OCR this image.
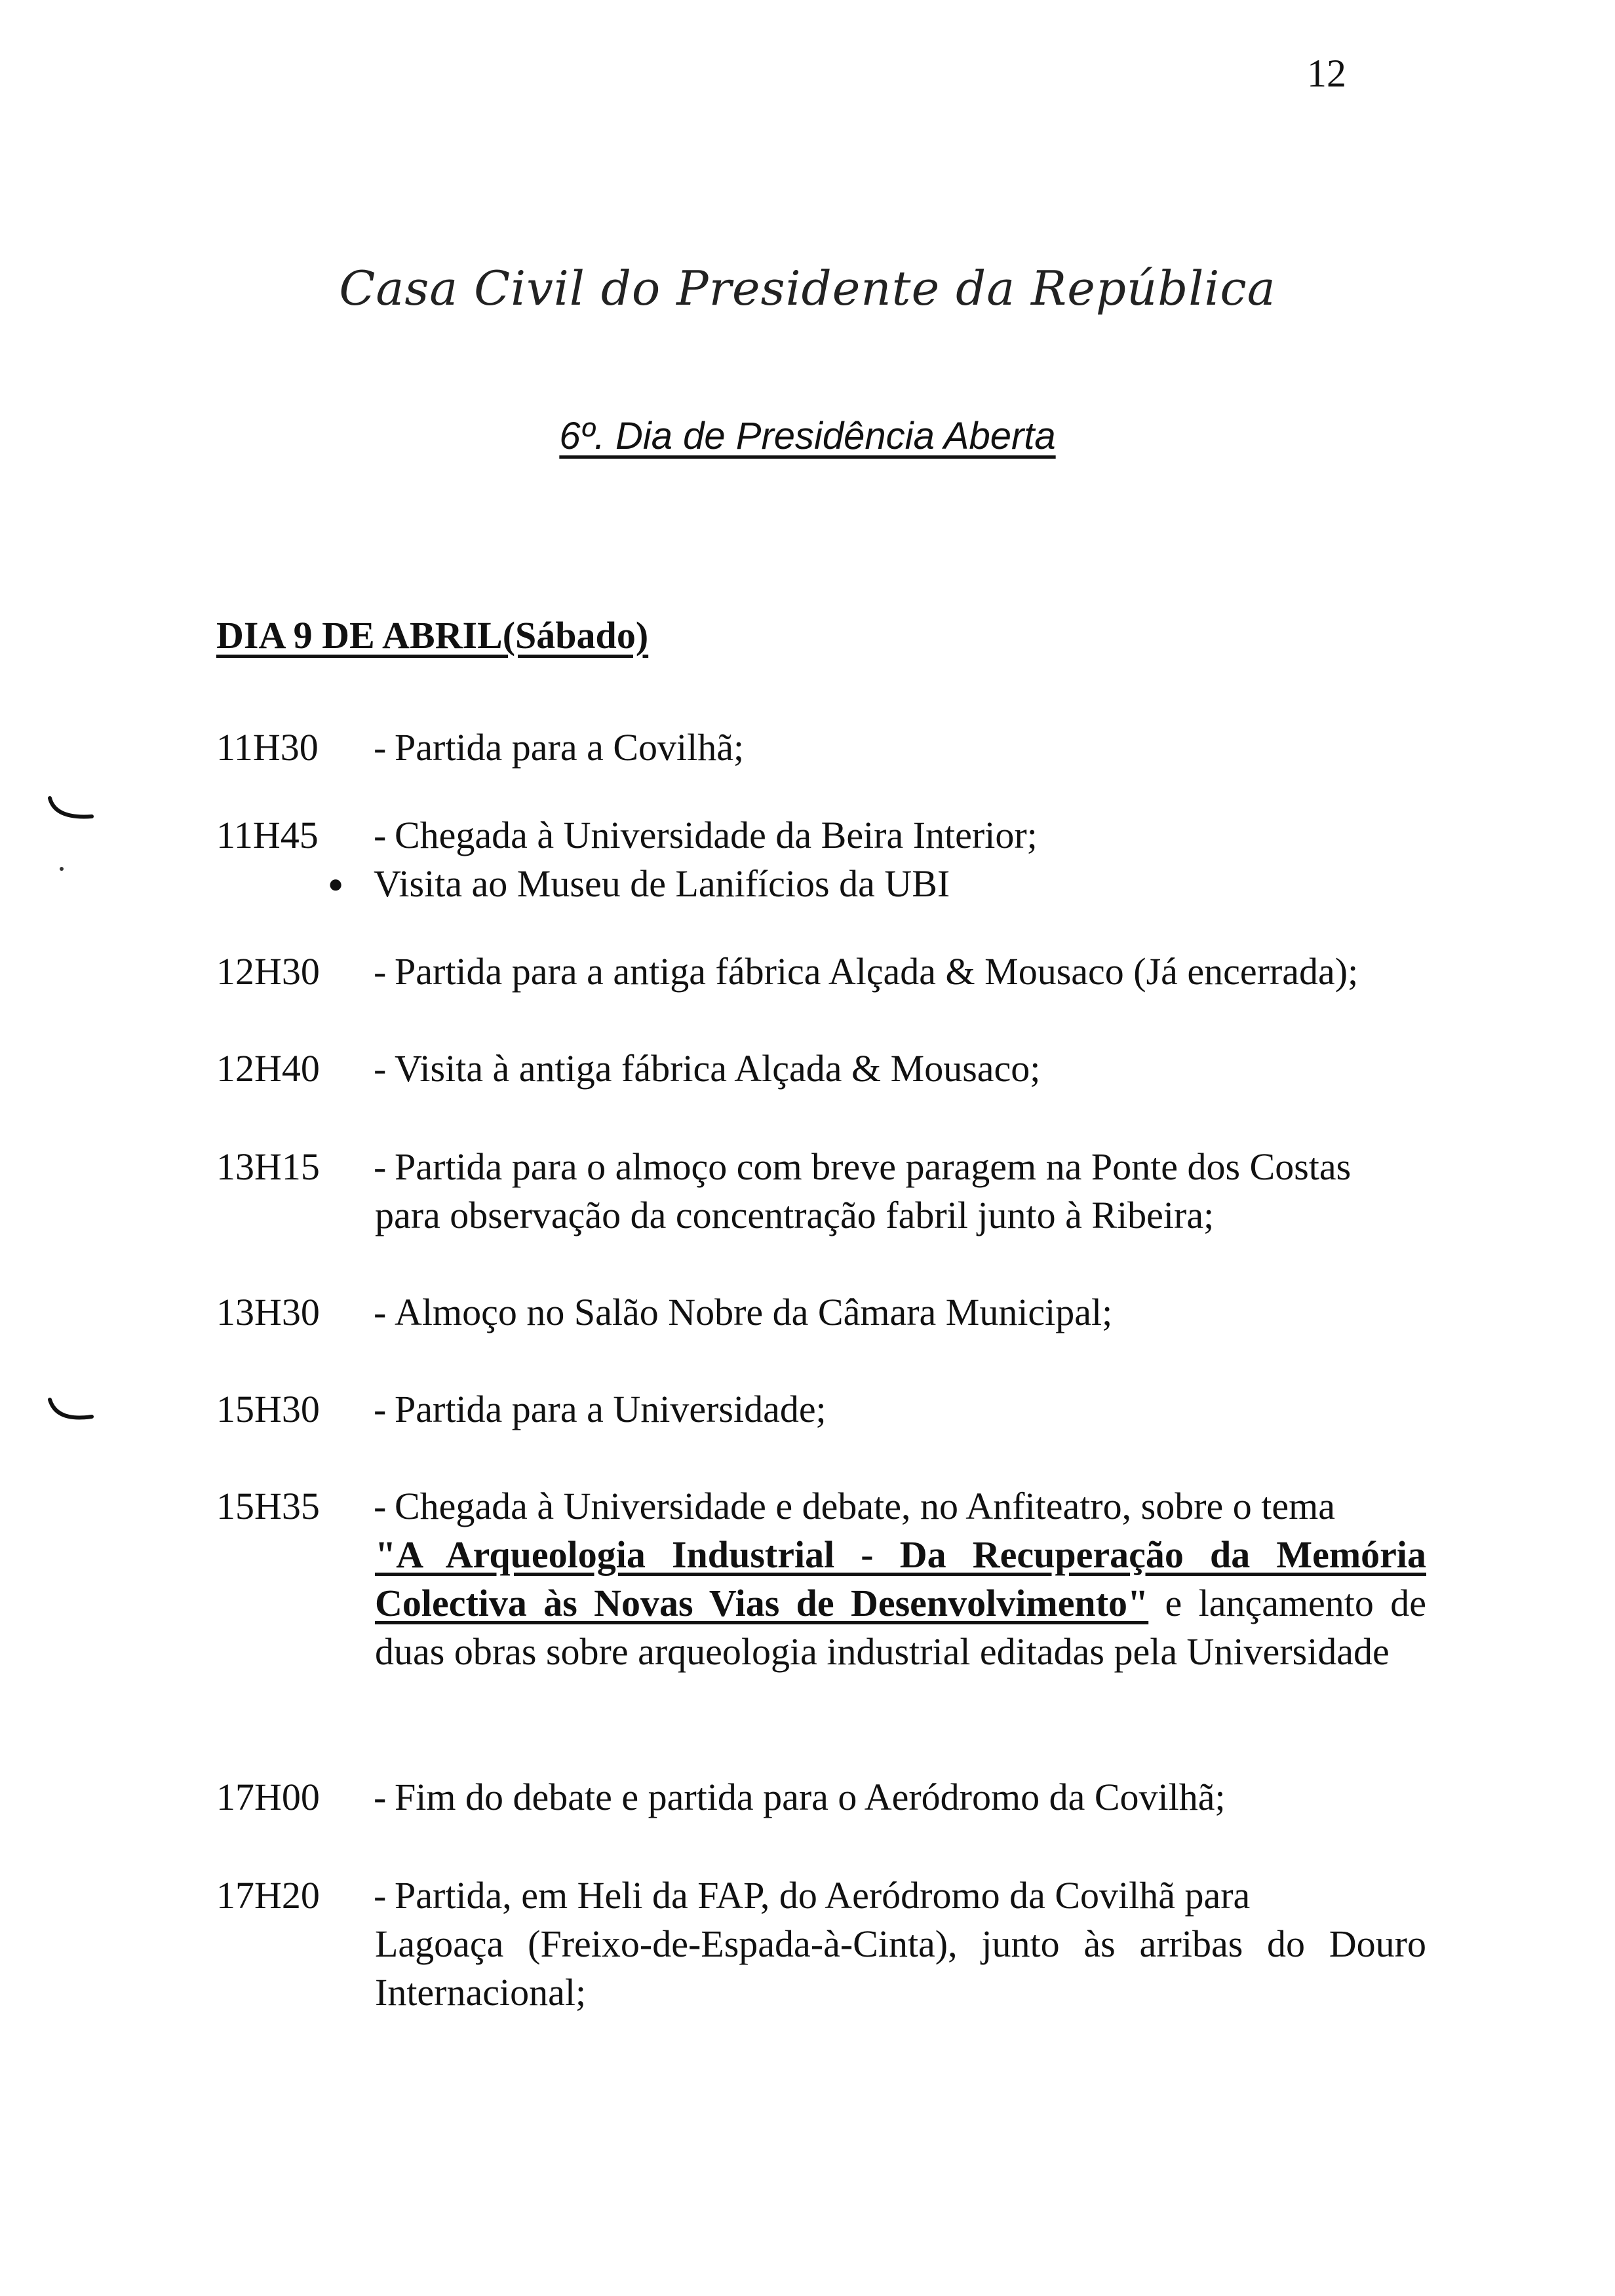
12
Casa Civil do Presidente da República
6º. Dia de Presidência Aberta
DIA 9 DE ABRIL(Sábado)
11H30 - Partida para a Covilhã;
11H45 - Chegada à Universidade da Beira Interior;
● Visita ao Museu de Lanifícios da UBI
12H30 - Partida para a antiga fábrica Alçada & Mousaco (Já encerrada);
12H40 - Visita à antiga fábrica Alçada & Mousaco;
13H15 - Partida para o almoço com breve paragem na Ponte dos Costas
para observação da concentração fabril junto à Ribeira;
13H30 - Almoço no Salão Nobre da Câmara Municipal;
15H30 - Partida para a Universidade;
15H35 - Chegada à Universidade e debate, no Anfiteatro, sobre o tema
"A Arqueologia Industrial - Da Recuperação da Memória Colectiva às Novas Vias de Desenvolvimento" e lançamento de duas obras sobre arqueologia industrial editadas pela Universidade
17H00 - Fim do debate e partida para o Aeródromo da Covilhã;
17H20 - Partida, em Heli da FAP, do Aeródromo da Covilhã para
Lagoaça (Freixo-de-Espada-à-Cinta), junto às arribas do Douro Internacional;
